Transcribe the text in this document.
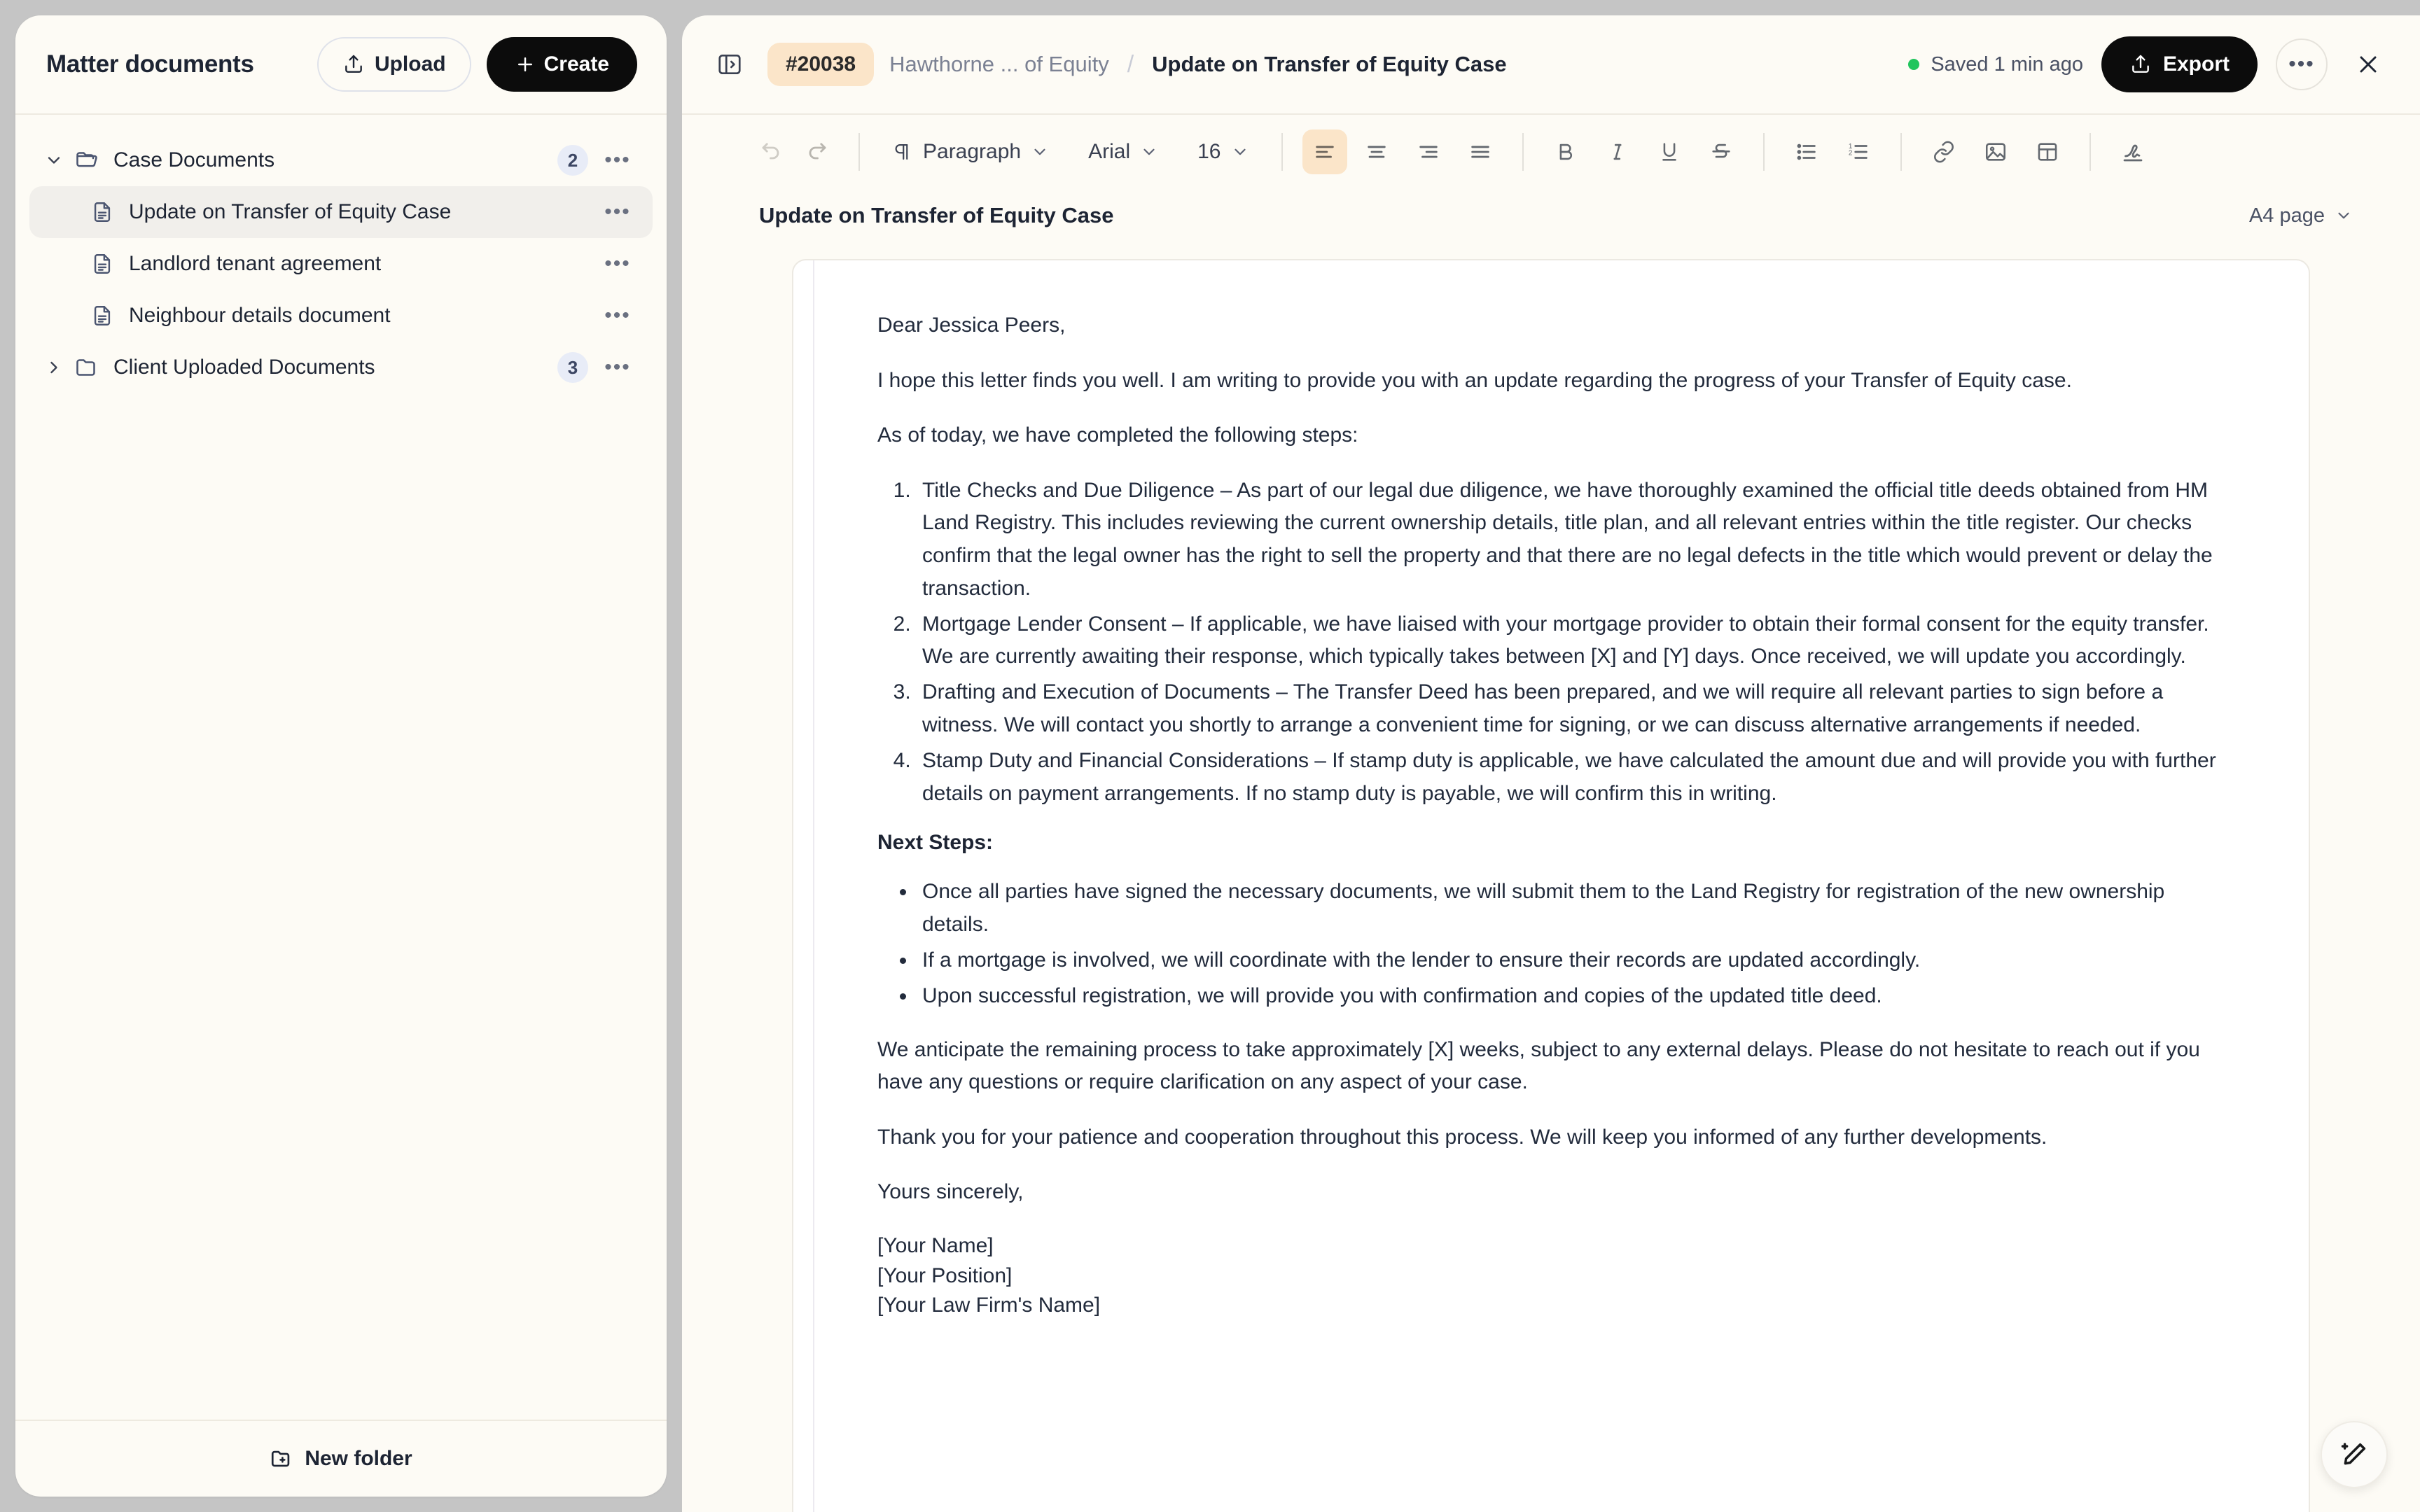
Matter documents	Upload	Create
Case Documents	2	•••
Update on Transfer of Equity Case	•••
Landlord tenant agreement	•••
Neighbour details document	•••
Client Uploaded Documents	3	•••
New folder
#20038	Hawthorne ... of Equity / Update on Transfer of Equity Case	Saved 1 min ago	Export	•••
Paragraph	Arial	16	1
2
Update on Transfer of Equity Case	A4 page

Dear Jessica Peers,

I hope this letter finds you well. I am writing to provide you with an update regarding the progress of your Transfer of Equity case.

As of today, we have completed the following steps:

1. Title Checks and Due Diligence – As part of our legal due diligence, we have thoroughly examined the official title deeds obtained from HM Land Registry. This includes reviewing the current ownership details, title plan, and all relevant entries within the title register. Our checks confirm that the legal owner has the right to sell the property and that there are no legal defects in the title which would prevent or delay the transaction.
2. Mortgage Lender Consent – If applicable, we have liaised with your mortgage provider to obtain their formal consent for the equity transfer. We are currently awaiting their response, which typically takes between [X] and [Y] days. Once received, we will update you accordingly.
3. Drafting and Execution of Documents – The Transfer Deed has been prepared, and we will require all relevant parties to sign before a witness. We will contact you shortly to arrange a convenient time for signing, or we can discuss alternative arrangements if needed.
4. Stamp Duty and Financial Considerations – If stamp duty is applicable, we have calculated the amount due and will provide you with further details on payment arrangements. If no stamp duty is payable, we will confirm this in writing.
Next Steps:
• Once all parties have signed the necessary documents, we will submit them to the Land Registry for registration of the new ownership details.
• If a mortgage is involved, we will coordinate with the lender to ensure their records are updated accordingly.
• Upon successful registration, we will provide you with confirmation and copies of the updated title deed.

We anticipate the remaining process to take approximately [X] weeks, subject to any external delays. Please do not hesitate to reach out if you have any questions or require clarification on any aspect of your case.

Thank you for your patience and cooperation throughout this process. We will keep you informed of any further developments.

Yours sincerely,

[Your Name]
[Your Position]
[Your Law Firm's Name]
